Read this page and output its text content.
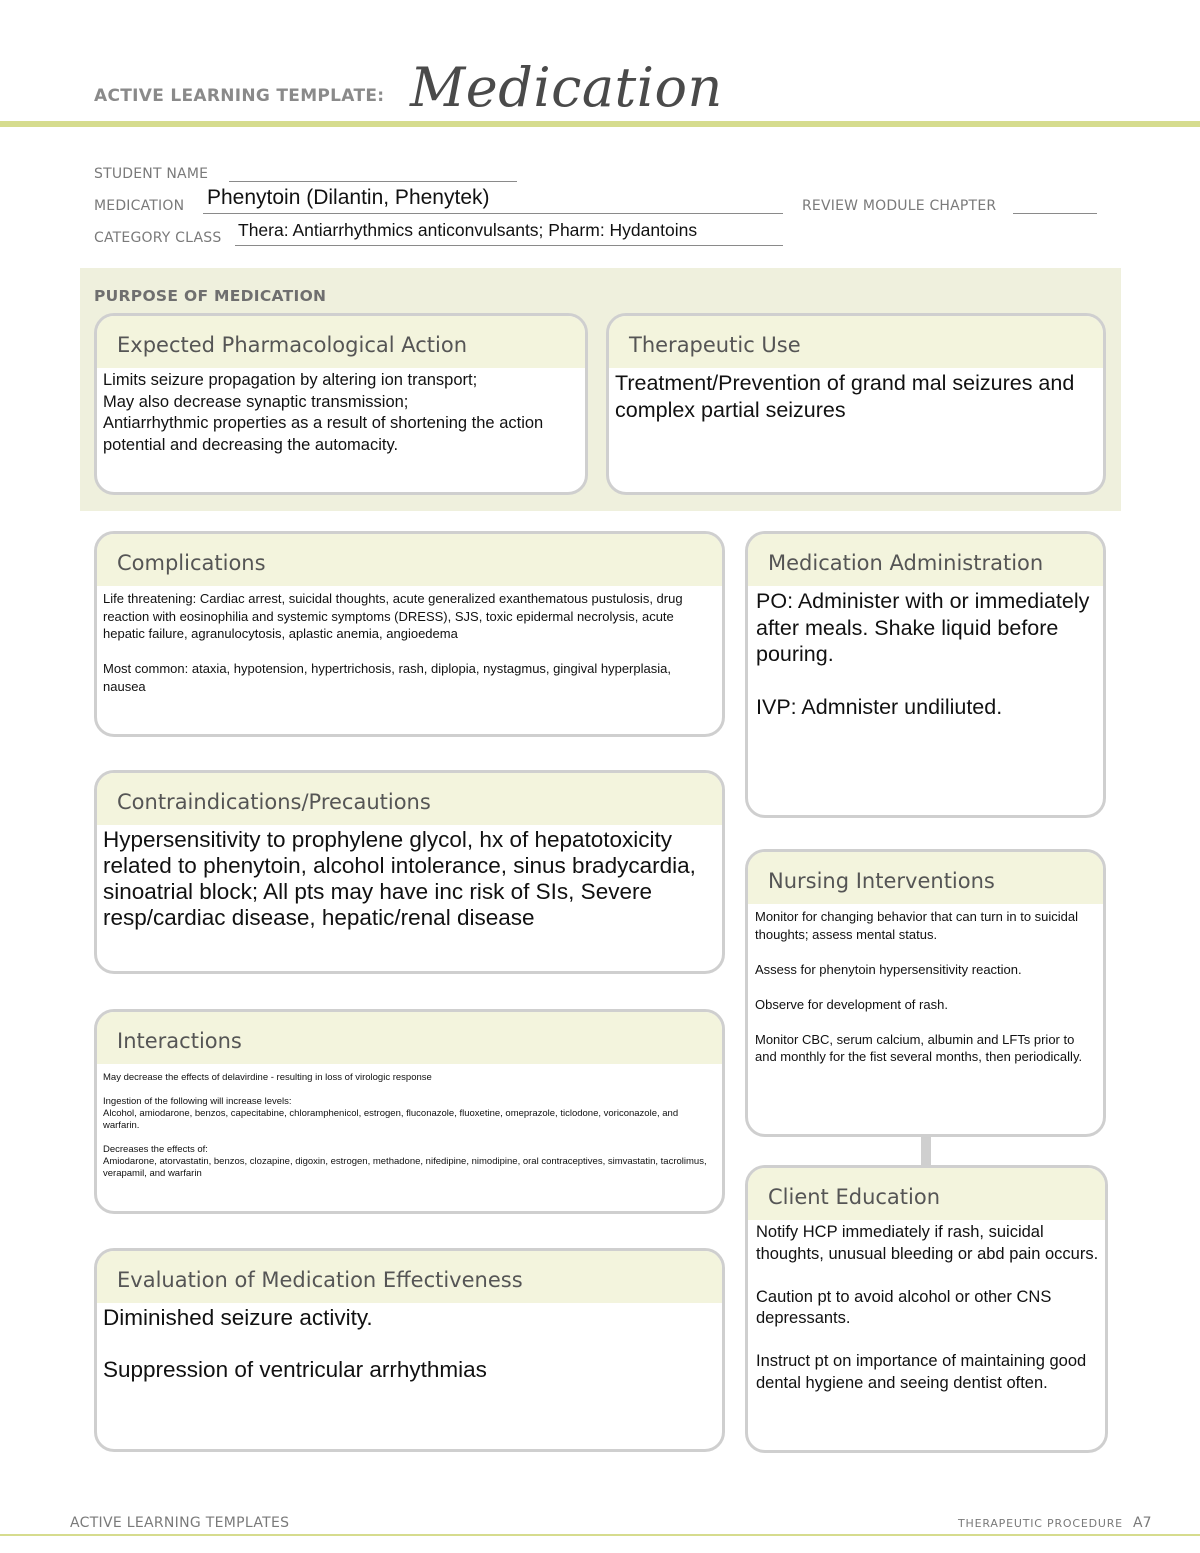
ACTIVE LEARNING TEMPLATE: Medication
STUDENT NAME
MEDICATION Phenytoin (Dilantin, Phenytek)	REVIEW MODULE CHAPTER
CATEGORY CLASS Thera: Antiarrhythmics anticonvulsants; Pharm: Hydantoins
PURPOSE OF MEDICATION
Expected Pharmacological Action
Limits seizure propagation by altering ion transport;
May also decrease synaptic transmission;
Antiarrhythmic properties as a result of shortening the action potential and decreasing the automacity.
Therapeutic Use
Treatment/Prevention of grand mal seizures and complex partial seizures
Complications
Life threatening: Cardiac arrest, suicidal thoughts, acute generalized exanthematous pustulosis, drug reaction with eosinophilia and systemic symptoms (DRESS), SJS, toxic epidermal necrolysis, acute hepatic failure, agranulocytosis, aplastic anemia, angioedema

Most common: ataxia, hypotension, hypertrichosis, rash, diplopia, nystagmus, gingival hyperplasia, nausea
Contraindications/Precautions
Hypersensitivity to prophylene glycol, hx of hepatotoxicity related to phenytoin, alcohol intolerance, sinus bradycardia, sinoatrial block; All pts may have inc risk of SIs, Severe resp/cardiac disease, hepatic/renal disease
Interactions
May decrease the effects of delavirdine - resulting in loss of virologic response

Ingestion of the following will increase levels:
Alcohol, amiodarone, benzos, capecitabine, chloramphenicol, estrogen, fluconazole, fluoxetine, omeprazole, ticlodone, voriconazole, and warfarin.

Decreases the effects of:
Amiodarone, atorvastatin, benzos, clozapine, digoxin, estrogen, methadone, nifedipine, nimodipine, oral contraceptives, simvastatin, tacrolimus, verapamil, and warfarin
Evaluation of Medication Effectiveness
Diminished seizure activity.

Suppression of ventricular arrhythmias
Medication Administration
PO: Administer with or immediately after meals. Shake liquid before pouring.

IVP: Admnister undiliuted.
Nursing Interventions
Monitor for changing behavior that can turn in to suicidal thoughts; assess mental status.

Assess for phenytoin hypersensitivity reaction.

Observe for development of rash.

Monitor CBC, serum calcium, albumin and LFTs prior to and monthly for the fist several months, then periodically.
Client Education
Notify HCP immediately if rash, suicidal thoughts, unusual bleeding or abd pain occurs.

Caution pt to avoid alcohol or other CNS depressants.

Instruct pt on importance of maintaining good dental hygiene and seeing dentist often.
ACTIVE LEARNING TEMPLATES	THERAPEUTIC PROCEDURE A7
